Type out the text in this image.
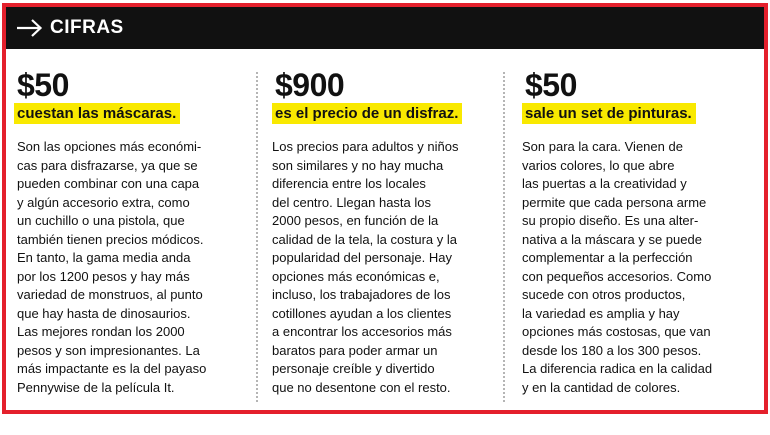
CIFRAS
$50
cuestan las máscaras.
Son las opciones más económi-
cas para disfrazarse, ya que se
pueden combinar con una capa
y algún accesorio extra, como
un cuchillo o una pistola, que
también tienen precios módicos.
En tanto, la gama media anda
por los 1200 pesos y hay más
variedad de monstruos, al punto
que hay hasta de dinosaurios.
Las mejores rondan los 2000
pesos y son impresionantes. La
más impactante es la del payaso
Pennywise de la película It.
$900
es el precio de un disfraz.
Los precios para adultos y niños
son similares y no hay mucha
diferencia entre los locales
del centro. Llegan hasta los
2000 pesos, en función de la
calidad de la tela, la costura y la
popularidad del personaje. Hay
opciones más económicas e,
incluso, los trabajadores de los
cotillones ayudan a los clientes
a encontrar los accesorios más
baratos para poder armar un
personaje creíble y divertido
que no desentone con el resto.
$50
sale un set de pinturas.
Son para la cara. Vienen de
varios colores, lo que abre
las puertas a la creatividad y
permite que cada persona arme
su propio diseño. Es una alter-
nativa a la máscara y se puede
complementar a la perfección
con pequeños accesorios. Como
sucede con otros productos,
la variedad es amplia y hay
opciones más costosas, que van
desde los 180 a los 300 pesos.
La diferencia radica en la calidad
y en la cantidad de colores.
